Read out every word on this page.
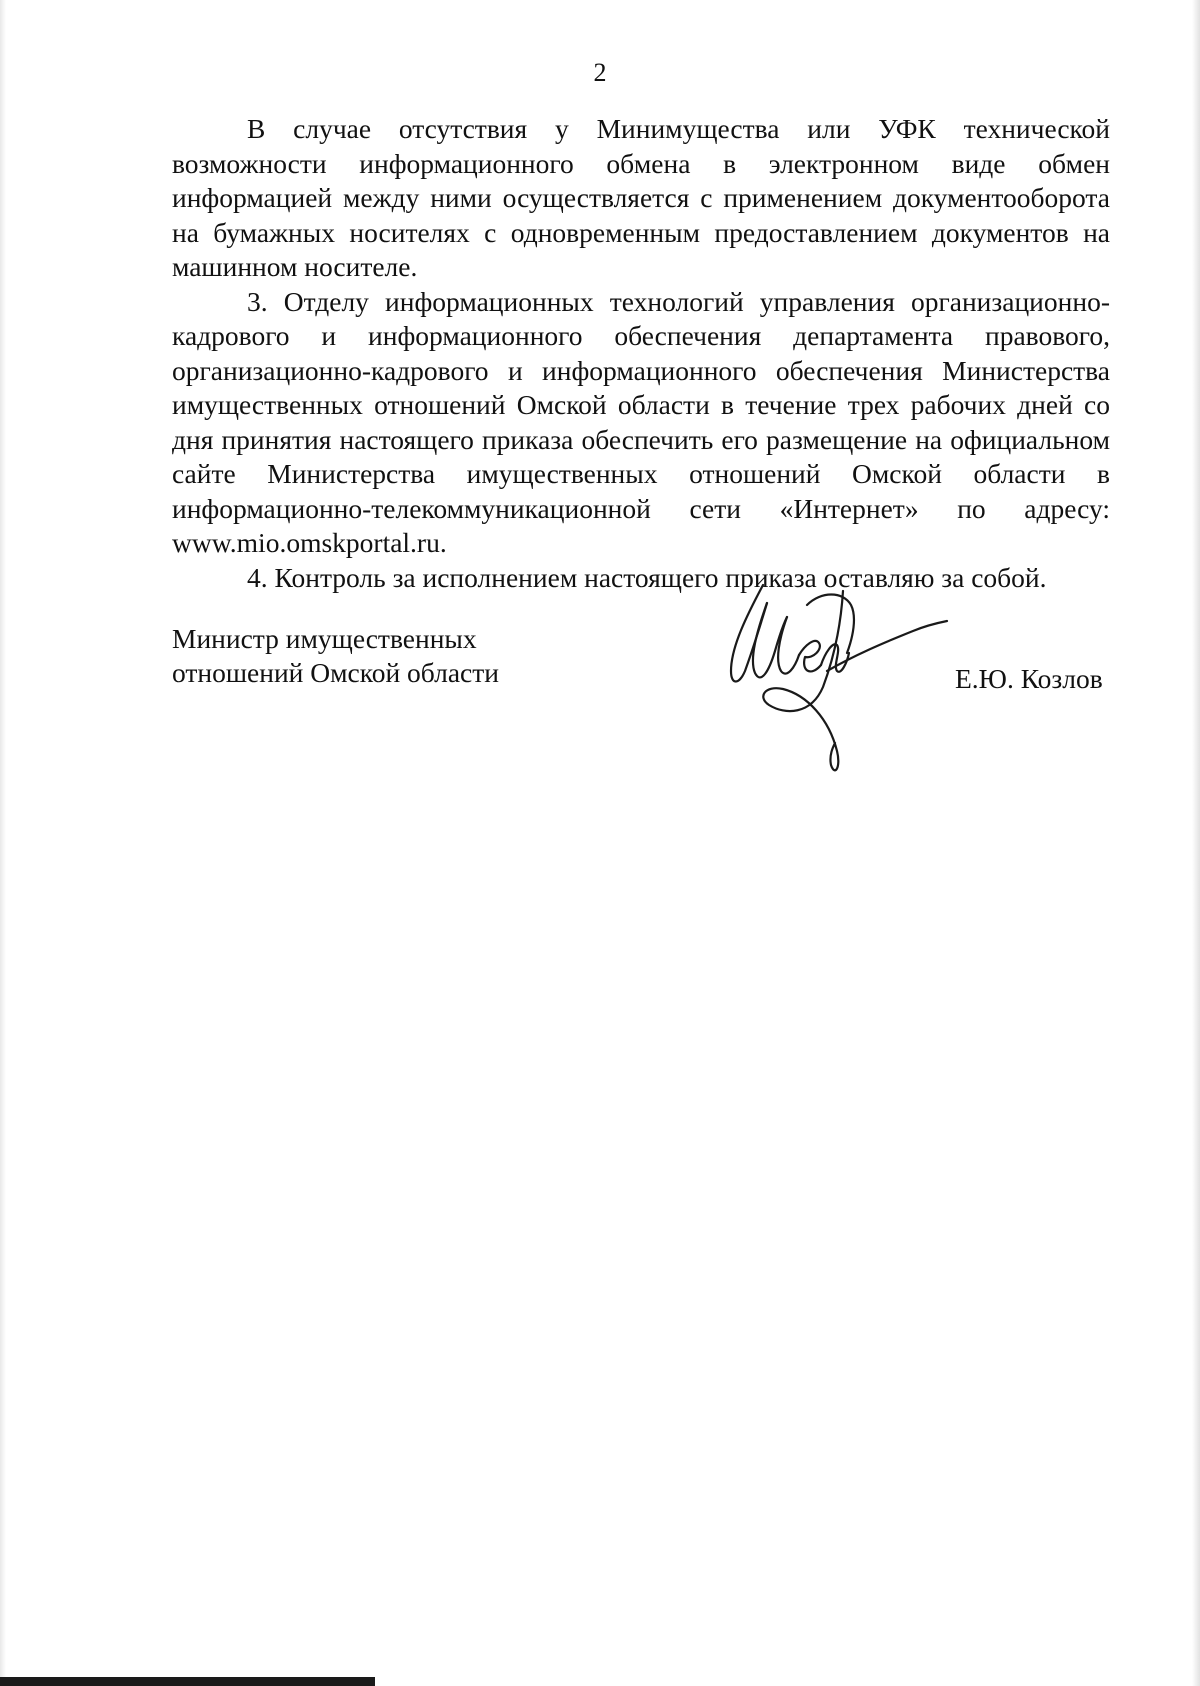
2

В случае отсутствия у Минимущества или УФК технической возможности информационного обмена в электронном виде обмен информацией между ними осуществляется с применением документооборота на бумажных носителях с одновременным предоставлением документов на машинном носителе.

3. Отделу информационных технологий управления организационно-кадрового и информационного обеспечения департамента правового, организационно-кадрового и информационного обеспечения Министерства имущественных отношений Омской области в течение трех рабочих дней со дня принятия настоящего приказа обеспечить его размещение на официальном сайте Министерства имущественных отношений Омской области в информационно-телекоммуникационной сети «Интернет» по адресу: www.mio.omskportal.ru.

4. Контроль за исполнением настоящего приказа оставляю за собой.

Министр имущественных
отношений Омской области	Е.Ю. Козлов
